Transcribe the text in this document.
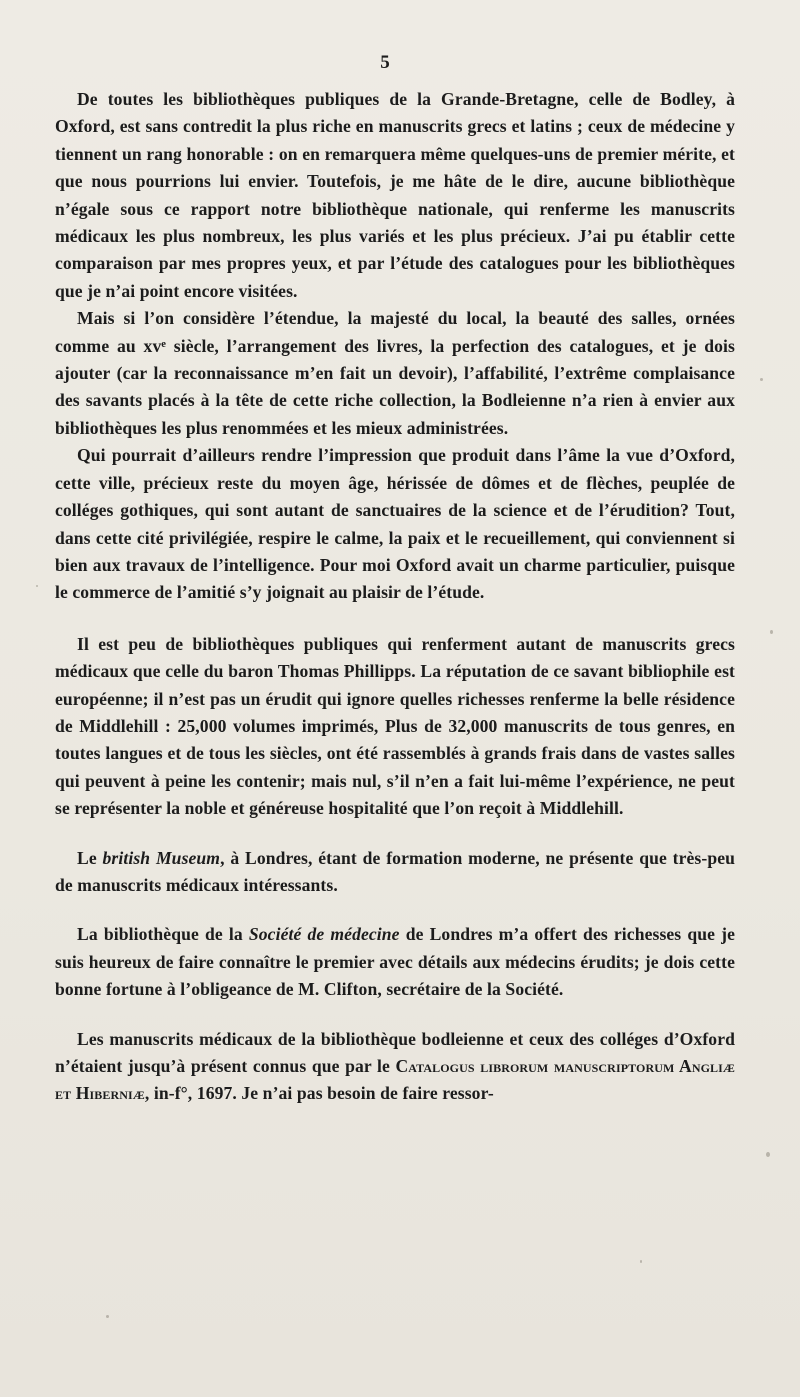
5

De toutes les bibliothèques publiques de la Grande-Bretagne, celle de Bodley, à Oxford, est sans contredit la plus riche en manuscrits grecs et latins ; ceux de médecine y tiennent un rang honorable : on en remarquera même quelques-uns de premier mérite, et que nous pourrions lui envier. Toutefois, je me hâte de le dire, aucune bibliothèque n’égale sous ce rapport notre bibliothèque nationale, qui renferme les manuscrits médicaux les plus nombreux, les plus variés et les plus précieux. J’ai pu établir cette comparaison par mes propres yeux, et par l’étude des catalogues pour les bibliothèques que je n’ai point encore visitées.

Mais si l’on considère l’étendue, la majesté du local, la beauté des salles, ornées comme au xvᵉ siècle, l’arrangement des livres, la perfection des catalogues, et je dois ajouter (car la reconnaissance m’en fait un devoir), l’affabilité, l’extrême complaisance des savants placés à la tête de cette riche collection, la Bodleienne n’a rien à envier aux bibliothèques les plus renommées et les mieux administrées.

Qui pourrait d’ailleurs rendre l’impression que produit dans l’âme la vue d’Oxford, cette ville, précieux reste du moyen âge, hérissée de dômes et de flèches, peuplée de colléges gothiques, qui sont autant de sanctuaires de la science et de l’érudition? Tout, dans cette cité privilégiée, respire le calme, la paix et le recueillement, qui conviennent si bien aux travaux de l’intelligence. Pour moi Oxford avait un charme particulier, puisque le commerce de l’amitié s’y joignait au plaisir de l’étude.

Il est peu de bibliothèques publiques qui renferment autant de manuscrits grecs médicaux que celle du baron Thomas Phillipps. La réputation de ce savant bibliophile est européenne; il n’est pas un érudit qui ignore quelles richesses renferme la belle résidence de Middlehill : 25,000 volumes imprimés, Plus de 32,000 manuscrits de tous genres, en toutes langues et de tous les siècles, ont été rassemblés à grands frais dans de vastes salles qui peuvent à peine les contenir; mais nul, s’il n’en a fait lui-même l’expérience, ne peut se représenter la noble et généreuse hospitalité que l’on reçoit à Middlehill.

Le british Museum, à Londres, étant de formation moderne, ne présente que très-peu de manuscrits médicaux intéressants.

La bibliothèque de la Société de médecine de Londres m’a offert des richesses que je suis heureux de faire connaître le premier avec détails aux médecins érudits; je dois cette bonne fortune à l’obligeance de M. Clifton, secrétaire de la Société.

Les manuscrits médicaux de la bibliothèque bodleienne et ceux des colléges d’Oxford n’étaient jusqu’à présent connus que par le Catalogus librorum manuscriptorum Angliæ et Hiberniæ, in-f°, 1697. Je n’ai pas besoin de faire ressor-
